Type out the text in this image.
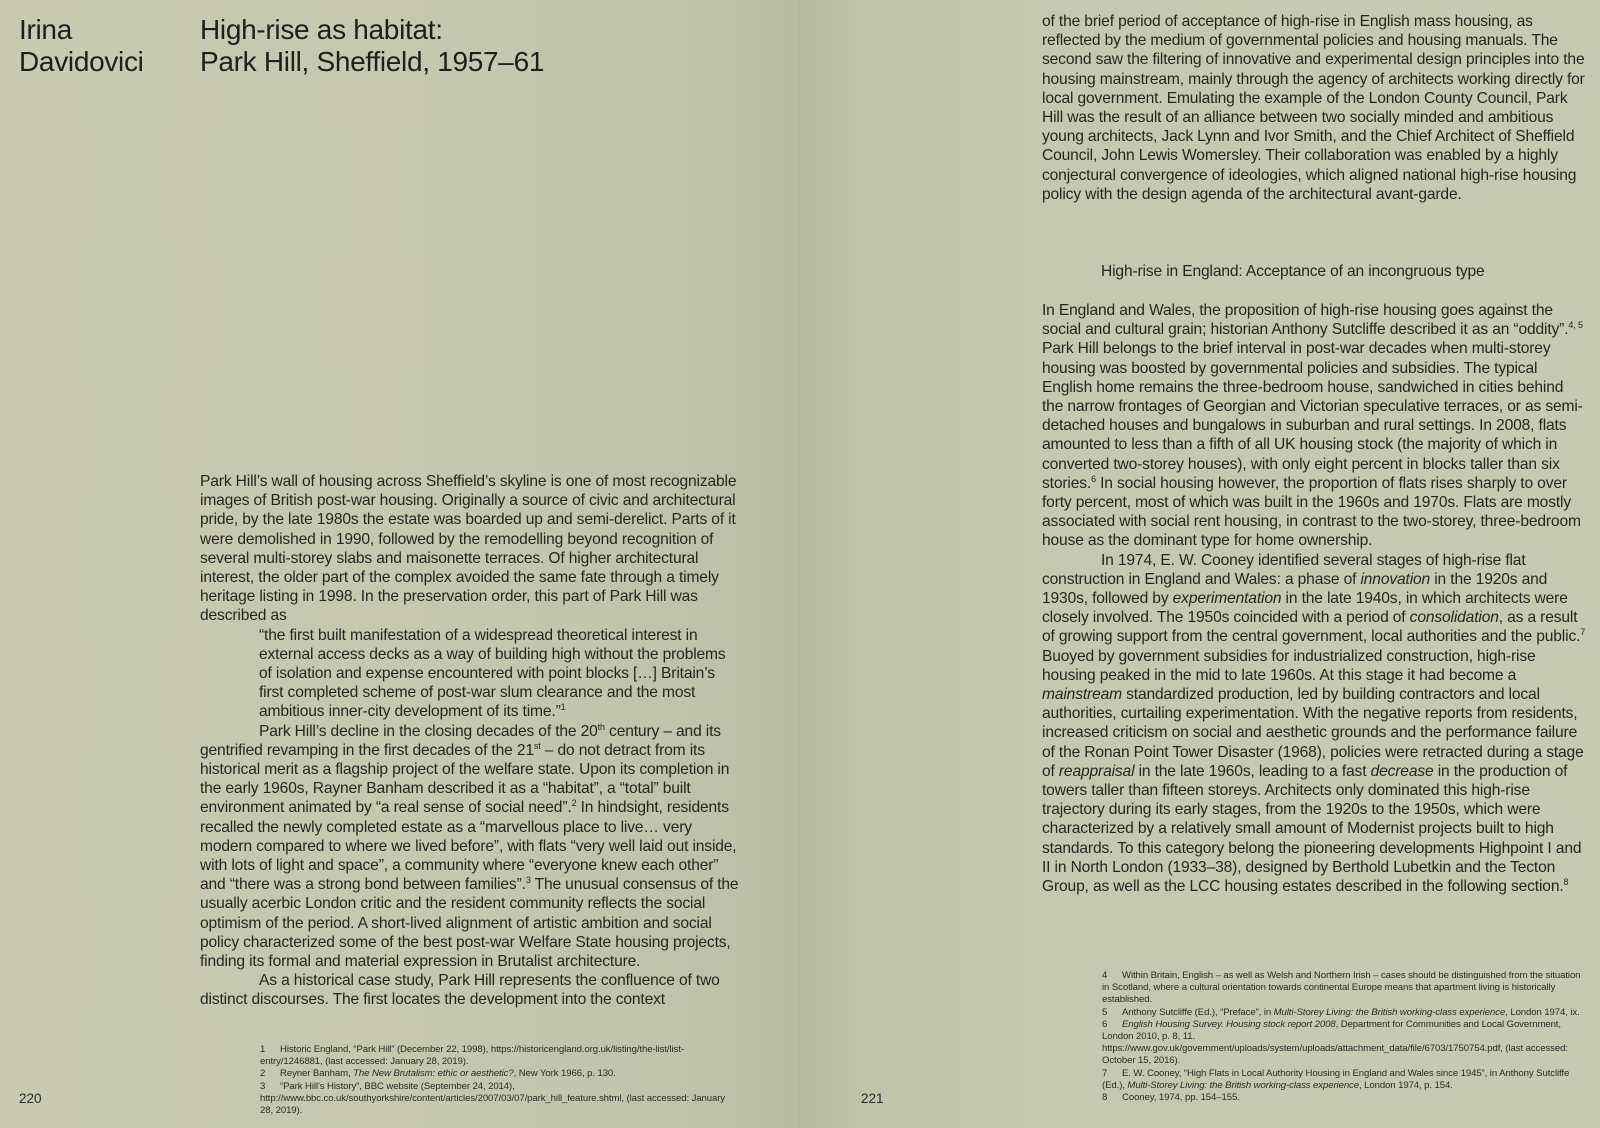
Irina
Davidovici
High-rise as habitat:
Park Hill, Sheffield, 1957–61

Park Hill’s wall of housing across Sheffield’s skyline is one of most recognizable images of British post-war housing. Originally a source of civic and architectural pride, by the late 1980s the estate was boarded up and semi-derelict. Parts of it were demolished in 1990, followed by the remodelling beyond recognition of several multi-storey slabs and maisonette terraces. Of higher architectural interest, the older part of the complex avoided the same fate through a timely heritage listing in 1998. In the preservation order, this part of Park Hill was described as

“the first built manifestation of a widespread theoretical interest in external access decks as a way of building high without the problems of isolation and expense encountered with point blocks […] Britain’s first completed scheme of post-war slum clearance and the most ambitious inner-city development of its time.”$^1$

Park Hill’s decline in the closing decades of the 20th century – and its gentrified revamping in the first decades of the 21st – do not detract from its historical merit as a flagship project of the welfare state. Upon its completion in the early 1960s, Rayner Banham described it as a “habitat”, a “total” built environment animated by “a real sense of social need”.$^2$ In hindsight, residents recalled the newly completed estate as a “marvellous place to live… very modern compared to where we lived before”, with flats “very well laid out inside, with lots of light and space”, a community where “everyone knew each other” and “there was a strong bond between families”.$^3$ The unusual consensus of the usually acerbic London critic and the resident community reflects the social optimism of the period. A short-lived alignment of artistic ambition and social policy characterized some of the best post-war Welfare State housing projects, finding its formal and material expression in Brutalist architecture.

As a historical case study, Park Hill represents the confluence of two distinct discourses. The first locates the development into the context

1 Historic England, “Park Hill” (December 22, 1998), https://historicengland.org.uk/listing/the-list/list-entry/1246881, (last accessed: January 28, 2019).

2 Reyner Banham, The New Brutalism: ethic or aesthetic?, New York 1966, p. 130.

3 “Park Hill’s History”, BBC website (September 24, 2014), http://www.bbc.co.uk/southyorkshire/content/articles/2007/03/07/park_hill_feature.shtml, (last accessed: January 28, 2019).

220

of the brief period of acceptance of high-rise in English mass housing, as reflected by the medium of governmental policies and housing manuals. The second saw the filtering of innovative and experimental design principles into the housing mainstream, mainly through the agency of architects working directly for local government. Emulating the example of the London County Council, Park Hill was the result of an alliance between two socially minded and ambitious young architects, Jack Lynn and Ivor Smith, and the Chief Architect of Sheffield Council, John Lewis Womersley. Their collaboration was enabled by a highly conjectural convergence of ideologies, which aligned national high-rise housing policy with the design agenda of the architectural avant-garde.

High-rise in England: Acceptance of an incongruous type

In England and Wales, the proposition of high-rise housing goes against the social and cultural grain; historian Anthony Sutcliffe described it as an “oddity”.$^{4, 5}$ Park Hill belongs to the brief interval in post-war decades when multi-storey housing was boosted by governmental policies and subsidies. The typical English home remains the three-bedroom house, sandwiched in cities behind the narrow frontages of Georgian and Victorian speculative terraces, or as semi-detached houses and bungalows in suburban and rural settings. In 2008, flats amounted to less than a fifth of all UK housing stock (the majority of which in converted two-storey houses), with only eight percent in blocks taller than six stories.$^6$ In social housing however, the proportion of flats rises sharply to over forty percent, most of which was built in the 1960s and 1970s. Flats are mostly associated with social rent housing, in contrast to the two-storey, three-bedroom house as the dominant type for home ownership.

In 1974, E. W. Cooney identified several stages of high-rise flat construction in England and Wales: a phase of innovation in the 1920s and 1930s, followed by experimentation in the late 1940s, in which architects were closely involved. The 1950s coincided with a period of consolidation, as a result of growing support from the central government, local authorities and the public.$^7$ Buoyed by government subsidies for industrialized construction, high-rise housing peaked in the mid to late 1960s. At this stage it had become a mainstream standardized production, led by building contractors and local authorities, curtailing experimentation. With the negative reports from residents, increased criticism on social and aesthetic grounds and the performance failure of the Ronan Point Tower Disaster (1968), policies were retracted during a stage of reappraisal in the late 1960s, leading to a fast decrease in the production of towers taller than fifteen storeys. Architects only dominated this high-rise trajectory during its early stages, from the 1920s to the 1950s, which were characterized by a relatively small amount of Modernist projects built to high standards. To this category belong the pioneering developments Highpoint I and II in North London (1933–38), designed by Berthold Lubetkin and the Tecton Group, as well as the LCC housing estates described in the following section.$^8$

4 Within Britain, English – as well as Welsh and Northern Irish – cases should be distinguished from the situation in Scotland, where a cultural orientation towards continental Europe means that apartment living is historically established.

5 Anthony Sutcliffe (Ed.), “Preface”, in Multi-Storey Living: the British working-class experience, London 1974, ix.

6 English Housing Survey. Housing stock report 2008, Department for Communities and Local Government, London 2010, p. 8, 11. https://www.gov.uk/government/uploads/system/uploads/attachment_data/file/6703/1750754.pdf, (last accessed: October 15, 2016).

7 E. W. Cooney, “High Flats in Local Authority Housing in England and Wales since 1945”, in Anthony Sutcliffe (Ed.), Multi-Storey Living: the British working-class experience, London 1974, p. 154.

8 Cooney, 1974, pp. 154–155.

221
